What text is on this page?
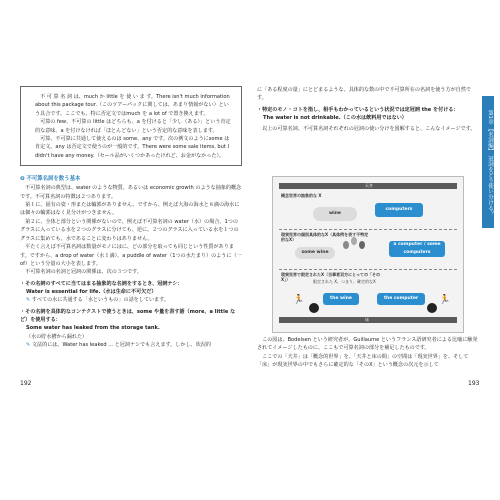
　不 可 算 名 詞 は、much か little を 使 い ま す。There isn't much information about this package tour.（このツアーパックに関しては、あまり情報がない）という具合です。ここでも、特に否定文ではmuch を a lot of で置き換えます。

　可算の few、不可算の little はどちらも、a を付けると「少し（ある）」という肯定的な意味、a を付けなければ「ほとんどない」という否定的な意味を表します。

　可算、不可算に共通して使えるのは some、any です。次の例文のようにsome は肯定文、any は否定文で使うのが一般的です。There were some sale items, but I didn't have any money.（セール品がいくつかあったけれど、お金がなかった）。

❷ 不可算名詞を数う基本

　不可算名詞の典型は、water のような物質、あるいは economic growth のような抽象的概念です。不可算名詞の特徴は２つあります。

　第１に、固有の姿・形または輪郭がありません。ですから、例えば大海の海水と８滴の海水には個々の輪郭はなく見分けがつきません。

　第２に、全体と部分という関係がないので、例えば不可算名詞の water（水）の場合、1つのグラスに入っている水を２つのグラスに分けても、逆に、２つのグラスに入っている水を１つのグラスに集めても、水であることに変わりはありません。

　平たく言えば不可算名詞は数量がモノにはに、どの部分を取っても同じという性質があります。ですから、a drop of water（水１滴）、a puddle of water（1つの水たまり）のように（一 of）という分量の大小を表します。

　不可算名詞の名詞と冠詞の関係は、次の３つです。

・その名詞のすべてに当てはまる抽象的な名詞をするとき、冠詞ナシ：

Water is essential for life.（水は生命に不可欠だ）

✎ すべての水に共通する「水というもの」の話をしています。

・その名詞を具体的なコンテクストで使うときは、some や量を表す語（more、a little など）を使用する：

Some water has leaked from the storage tank.

（水の貯水槽から漏れた）

✎ 文法的には、Water has leaked ... と冠詞ナシでも言えます。しかし、状況的

192

に「ある程度の量」にとどまるような、具体的な数の中で不可算所在の名詞を使う方が自然です。

・特定のモノ・コトを指し、相手もわかっているという状況では定冠詞 the を付ける：

The water is not drinkable.（この水は飲料用ではない）

　以上の可算名詞、不可算名詞それぞれの冠詞の使い分けを図解すると、こんなイメージです。

天井
概念世界の抽象的な X
wine
computers
現実世界の個別具体的なX（具体例を表す不特定的なX）
some wine
a computer / some computers
現実世界で限定されたX（当事者双方にとっての「そのX」）	限定された X、つまり、確定的なX
🏃	the wine	the computer	🏃
床

　この図は、Bodelsen という研究者が、Guillaume というフランス語研究者による比喩に触発されてイメージしたものに、ここもで可算名詞の部分を補足したものです。

　ここでの「天井」は「概念的世界」を、「天井と床の間」の空間は「現実世界」を、そして「床」が現実世界の中でもさらに確定的な「そのX」という概念の次元を示して

193
第1章 【名詞編】 冠詞をどう使い分ける？
